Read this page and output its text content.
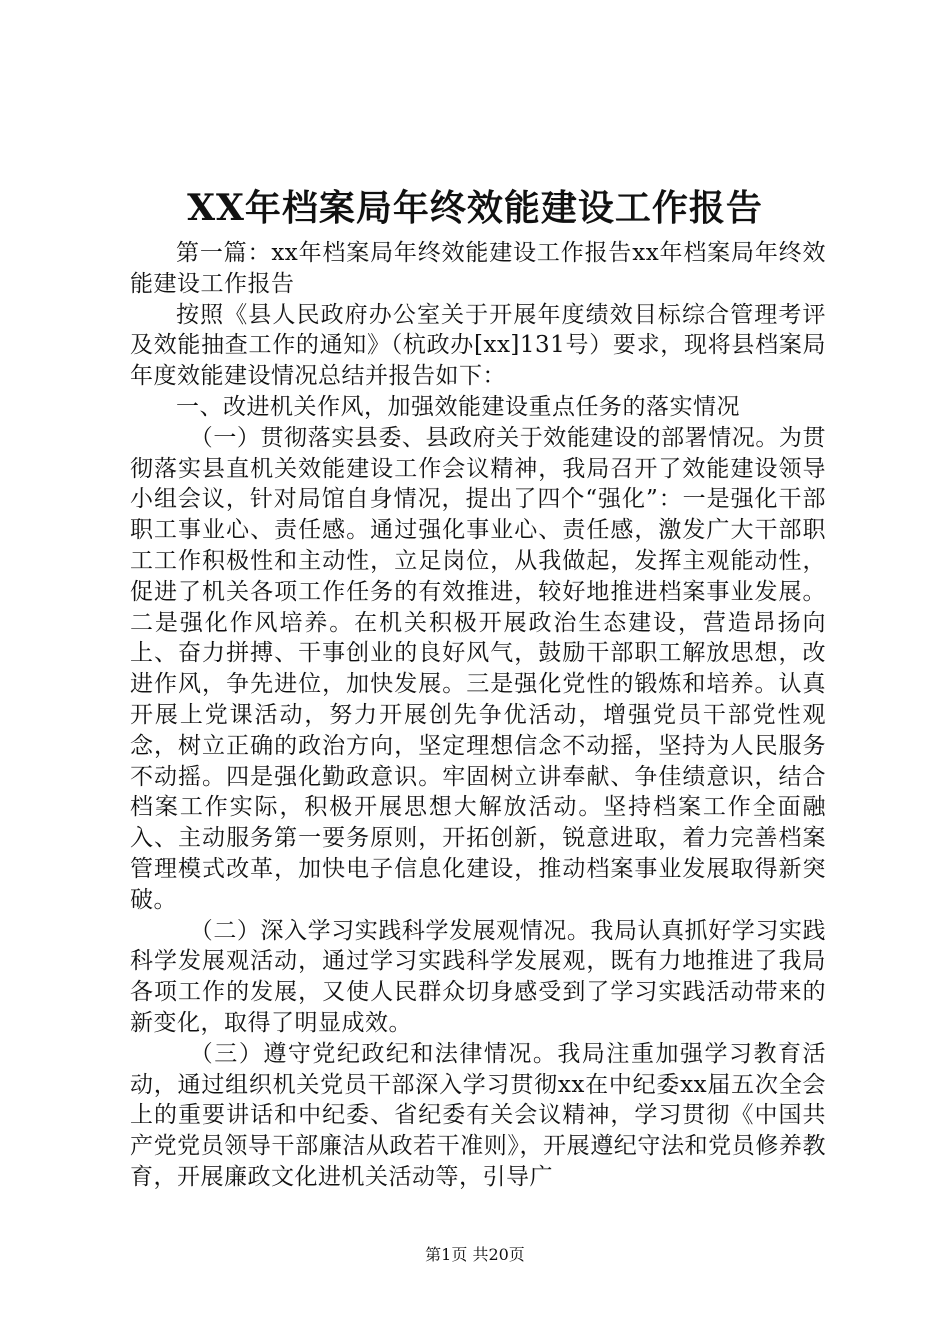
XX年档案局年终效能建设工作报告

第一篇：xx年档案局年终效能建设工作报告xx年档案局年终效能建设工作报告

按照《县人民政府办公室关于开展年度绩效目标综合管理考评及效能抽查工作的通知》（杭政办[xx]131号）要求，现将县档案局年度效能建设情况总结并报告如下：

一、改进机关作风，加强效能建设重点任务的落实情况

（一）贯彻落实县委、县政府关于效能建设的部署情况。为贯彻落实县直机关效能建设工作会议精神，我局召开了效能建设领导小组会议，针对局馆自身情况，提出了四个“强化”：一是强化干部职工事业心、责任感。通过强化事业心、责任感，激发广大干部职工工作积极性和主动性，立足岗位，从我做起，发挥主观能动性，促进了机关各项工作任务的有效推进，较好地推进档案事业发展。二是强化作风培养。在机关积极开展政治生态建设，营造昂扬向上、奋力拼搏、干事创业的良好风气，鼓励干部职工解放思想，改进作风，争先进位，加快发展。三是强化党性的锻炼和培养。认真开展上党课活动，努力开展创先争优活动，增强党员干部党性观念，树立正确的政治方向，坚定理想信念不动摇，坚持为人民服务不动摇。四是强化勤政意识。牢固树立讲奉献、争佳绩意识，结合档案工作实际，积极开展思想大解放活动。坚持档案工作全面融入、主动服务第一要务原则，开拓创新，锐意进取，着力完善档案管理模式改革，加快电子信息化建设，推动档案事业发展取得新突破。

（二）深入学习实践科学发展观情况。我局认真抓好学习实践科学发展观活动，通过学习实践科学发展观，既有力地推进了我局各项工作的发展，又使人民群众切身感受到了学习实践活动带来的新变化，取得了明显成效。

（三）遵守党纪政纪和法律情况。我局注重加强学习教育活动，通过组织机关党员干部深入学习贯彻xx在中纪委xx届五次全会上的重要讲话和中纪委、省纪委有关会议精神，学习贯彻《中国共产党党员领导干部廉洁从政若干准则》，开展遵纪守法和党员修养教育，开展廉政文化进机关活动等，引导广

第1页 共20页
